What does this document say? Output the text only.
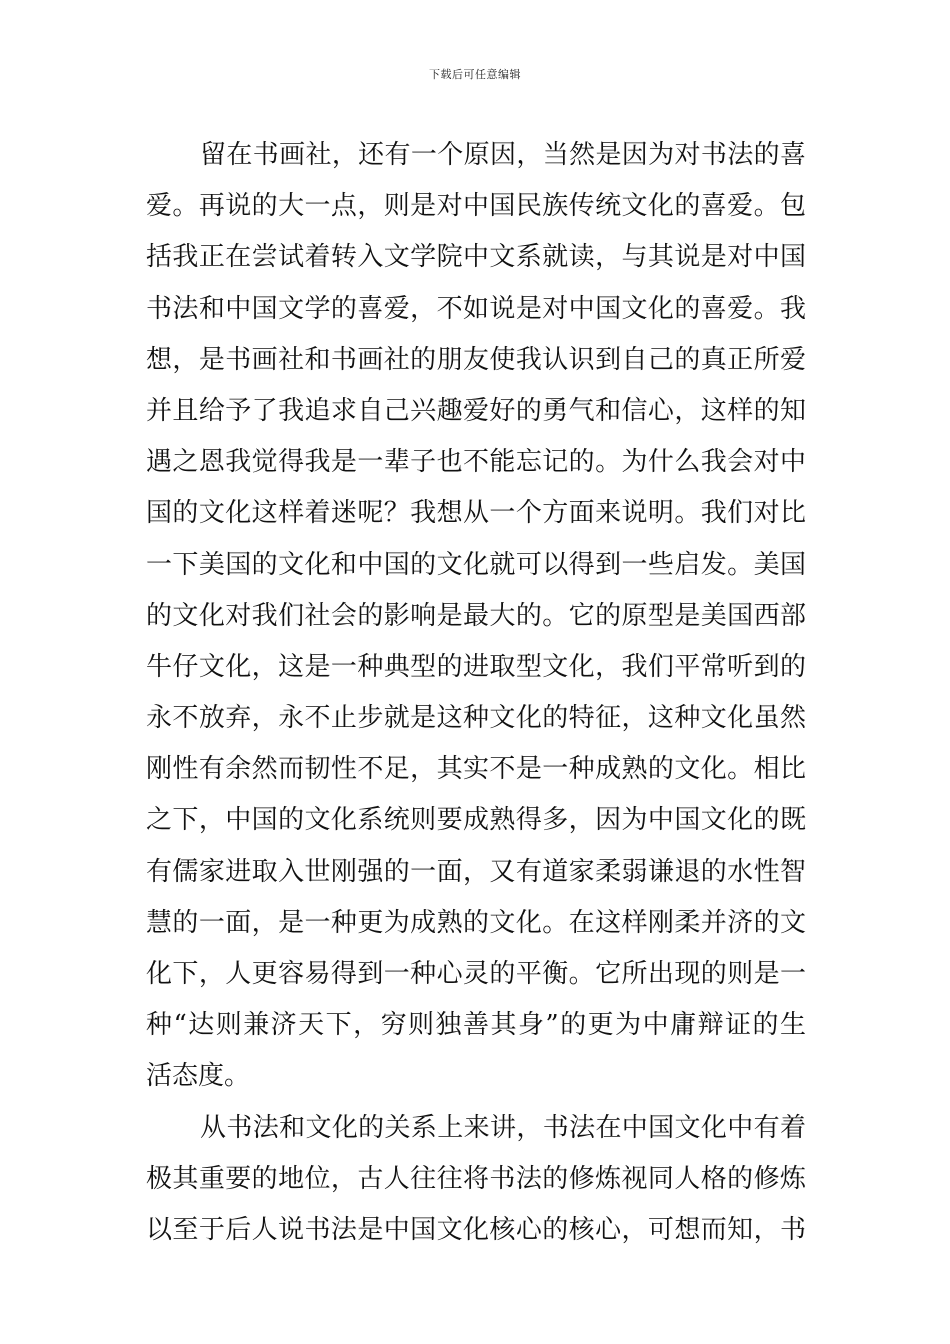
下载后可任意编辑
留在书画社，还有一个原因，当然是因为对书法的喜
爱。再说的大一点，则是对中国民族传统文化的喜爱。包
括我正在尝试着转入文学院中文系就读，与其说是对中国
书法和中国文学的喜爱，不如说是对中国文化的喜爱。我
想，是书画社和书画社的朋友使我认识到自己的真正所爱
并且给予了我追求自己兴趣爱好的勇气和信心，这样的知
遇之恩我觉得我是一辈子也不能忘记的。为什么我会对中
国的文化这样着迷呢？我想从一个方面来说明。我们对比
一下美国的文化和中国的文化就可以得到一些启发。美国
的文化对我们社会的影响是最大的。它的原型是美国西部
牛仔文化，这是一种典型的进取型文化，我们平常听到的
永不放弃，永不止步就是这种文化的特征，这种文化虽然
刚性有余然而韧性不足，其实不是一种成熟的文化。相比
之下，中国的文化系统则要成熟得多，因为中国文化的既
有儒家进取入世刚强的一面，又有道家柔弱谦退的水性智
慧的一面，是一种更为成熟的文化。在这样刚柔并济的文
化下，人更容易得到一种心灵的平衡。它所出现的则是一
种“达则兼济天下，穷则独善其身”的更为中庸辩证的生
活态度。
从书法和文化的关系上来讲，书法在中国文化中有着
极其重要的地位，古人往往将书法的修炼视同人格的修炼
以至于后人说书法是中国文化核心的核心，可想而知，书
